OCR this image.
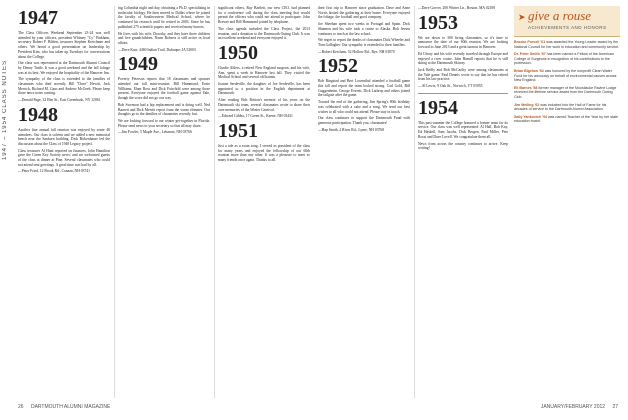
1947 – 1954 CLASS NOTES
1947

The Class Officers Weekend September 23-24 was well attended by your officers, president Whitney "Cy" Pinkham, secretary Robert F. Bilden, treasurer Stephen Kretchmer and others. We heard a good presentation on leadership by President Kim, who has taken up Tuesdays for conversations about the College.

Our class was represented at the Dartmouth Alumni Council by Denny Tuttle. It was a good weekend and the fall foliage was at its best. We enjoyed the hospitality of the Hanover Inn.

The sympathy of the class is extended to the families of classmates who died recently. Bill "Dave" Hewitt, Jack Merrick, Richard M. Gaus and Andrew McGeeh. Please keep those news notes coming.

—Donald Page, 32 Elm St., East Greenbush, NY 12061

1948

Another fine annual fall reunion was enjoyed by some 40 attendees. Our class is solvent and we added a new memorial bench near the Sanborn building. Dick Birkenhauer led the discussion about the Class of 1948 Legacy project.

Class treasurer Al Hunt reported on finances; John Hamilton gave the Green Key Society news; and we welcomed guests of the class at dinner at Pine. Several classmates who could not attend sent greetings. A good time was had by all.

—Peter Fried, 12 Brook Rd., Canaan, NH 03741

ing Columbia night and day, obtaining a Ph.D. specializing in molecular biology. He then moved to Dallas where he joined the faculty of Southwestern Medical School, where he continued his research until he retired in 2003. Since he has published 275 scientific papers and received many honors.

He lives with his wife, Dorothy, and they have three children and five grandchildren. Norm Roberts is still active in local affairs.

—Dave Kurr, 4460 Indian Trail, Dubuque, IA 52003

1949

Poverty Peterson reports that 18 classmates and spouses attended our fall mini-reunion. Bill Hammond, Ernie Williams, Eben Ross and Dick Fairchild were among those present. Everyone enjoyed the football game against Yale, though the score did not go our way.

Bob Swenson had a hip replacement and is doing well. Ned Barnett and Dick Merritt report from the warm climates. Our thoughts go to the families of classmates recently lost.

We are looking forward to our winter get-together in Florida. Please send news to your secretary so that all may share.

—Jim Fowler, 5 Maple Ave., Lebanon, NH 03766

significant others, Ray Bartlett, our new CEO, had planned for a conference call during the class meeting that would permit the officers who could not attend to participate. John Brewer and Bill Hammond joined by telephone.

The class agenda included the Class Project, the 2013 reunion, and a donation to the Dartmouth Outing Club. It was an excellent weekend and everyone enjoyed it.

1950

Charlie Ahlers, a retired New England surgeon, and his wife, Ann, spent a week in Hanover last fall. They visited the Medical School and several old haunts.

Joanne Serdeville, the daughter of Joe Serdeville, has been appointed to a position in the English department at Dartmouth.

After reading Bob Britton's memoir of his years on the Dartmouth ski team, several classmates wrote to share their own memories of the Winter Carnival.

—Edward Gildea, 17 Green St., Keene, NH 03431

1951

Just a tale as a swan song. I served as president of the class for many years and enjoyed the fellowship of our 60th reunion more than any other. It was a pleasure to meet so many friends once again. Thanks to all.

26 DARTMOUTH ALUMNI MAGAZINE

their first trip to Hanover since graduation. Dave and Anne Norris hosted the gathering at their home. Everyone enjoyed the foliage, the football and good company.

Joe Sheehan spent two weeks in Portugal and Spain. Dick Shannon and his wife took a cruise to Alaska. Bob Jessen continues to teach at the law school.

We regret to report the deaths of classmates Dick Wheeler and Tom Gallagher. Our sympathy is extended to their families.

—Robert Ketcham, 52 Hollow Rd., Rye, NH 03870

1952

Bob Ringstad and Bert Lowenthal attended a football game this fall and report the team looked strong. Carl Gold, Bill Guggenheim, George Everett, Dick Lathrop and others joined the tailgate after the game.

Toward the end of the gathering, Jim Spring's 80th birthday was celebrated with a cake and a song. We send our best wishes to all who could not attend. Please stay in touch.

Our class continues to support the Dartmouth Fund with generous participation. Thank you, classmates!

—Hap Smith, 2 River Rd., Lyme, NH 03768

—Dave Grover, 200 Winter Ln., Boston, MA 02108

1953

We are down to 300 living classmates, so it's time to announce the date of our 60th reunion. We are looking forward to June 2013 and a great turnout in Hanover.

Ed Cleary and his wife recently traveled through Europe and enjoyed a river cruise. John Hamill reports that he is still skiing at the Dartmouth Skiway.

Jack Reilly and Bob McCarthy were among classmates at the Yale game. Paul Dennis wrote to say that he has retired from his law practice.

—Al Lewis, 9 Oak St., Norwich, VT 05055

1954

This past summer the College honored a former team for its service. Our class was well represented: Al Hall, Bob Kay, Ed Haskell, Sam Jacobs, Dick Bergen, Paul Miller, Pete Rossi and Dave Lovell. We congratulate them all.

News from across the country continues to arrive. Keep writing!

➤ give a rouse
ACHIEVEMENTS AND HONORS

Brooke Purcell '01 was awarded the Young Leader award by the National Council for her work in education and community service.

Dr. Peter Smith '87 has been named a Fellow of the American College of Surgeons in recognition of his contributions to the profession.

Brian Bigelow '92 was honored by the nonprofit Clean Water Fund for his advocacy on behalf of environmental causes across New England.

Eli Barnes '58 former manager of the Moosilauke Ravine Lodge received the lifetime service award from the Dartmouth Outing Club.

Jim Melling '62 was inducted into the Hall of Fame for his decades of service to the Dartmouth Alumni Association.

Sally Yankovich '94 was named Teacher of the Year by her state education board.

JANUARY/FEBRUARY 2012 27
